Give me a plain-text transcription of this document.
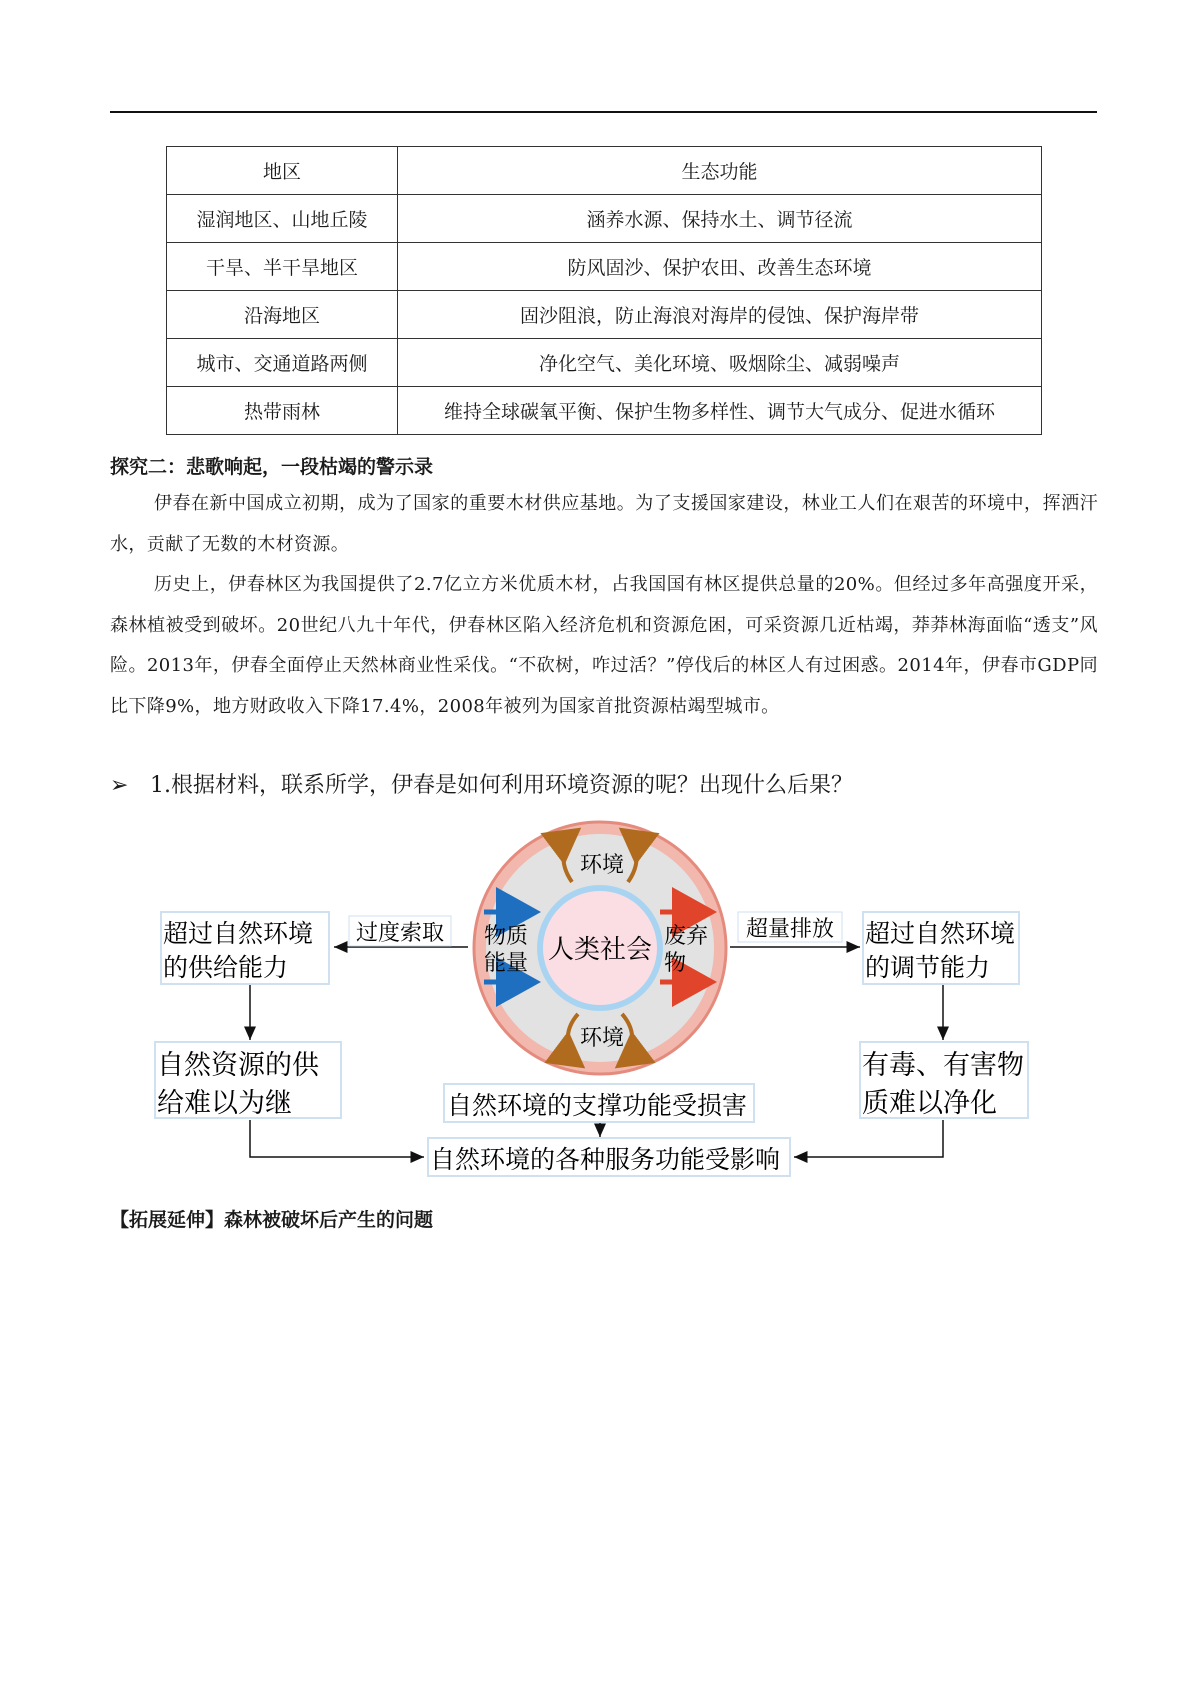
地区	生态功能
湿润地区、山地丘陵	涵养水源、保持水土、调节径流
干旱、半干旱地区	防风固沙、保护农田、改善生态环境
沿海地区	固沙阻浪，防止海浪对海岸的侵蚀、保护海岸带
城市、交通道路两侧	净化空气、美化环境、吸烟除尘、减弱噪声
热带雨林	维持全球碳氧平衡、保护生物多样性、调节大气成分、促进水循环
探究二：悲歌响起，一段枯竭的警示录
伊春在新中国成立初期，成为了国家的重要木材供应基地。为了支援国家建设，林业工人们在艰苦的环境中，挥洒汗水，贡献了无数的木材资源。
历史上，伊春林区为我国提供了2.7亿立方米优质木材，占我国国有林区提供总量的20%。但经过多年高强度开采，森林植被受到破坏。20世纪八九十年代，伊春林区陷入经济危机和资源危困，可采资源几近枯竭，莽莽林海面临“透支”风险。2013年，伊春全面停止天然林商业性采伐。“不砍树，咋过活？”停伐后的林区人有过困惑。2014年，伊春市GDP同比下降9%，地方财政收入下降17.4%，2008年被列为国家首批资源枯竭型城市。
➢ 1.根据材料，联系所学，伊春是如何利用环境资源的呢？出现什么后果？
人类社会
环境
环境
物质
能量
废弃
物
过度索取	超量排放
超过自然环境
的供给能力
超过自然环境
的调节能力
自然资源的供
给难以为继
有毒、有害物
质难以净化
自然环境的支撑功能受损害
自然环境的各种服务功能受影响
【拓展延伸】森林被破坏后产生的问题
